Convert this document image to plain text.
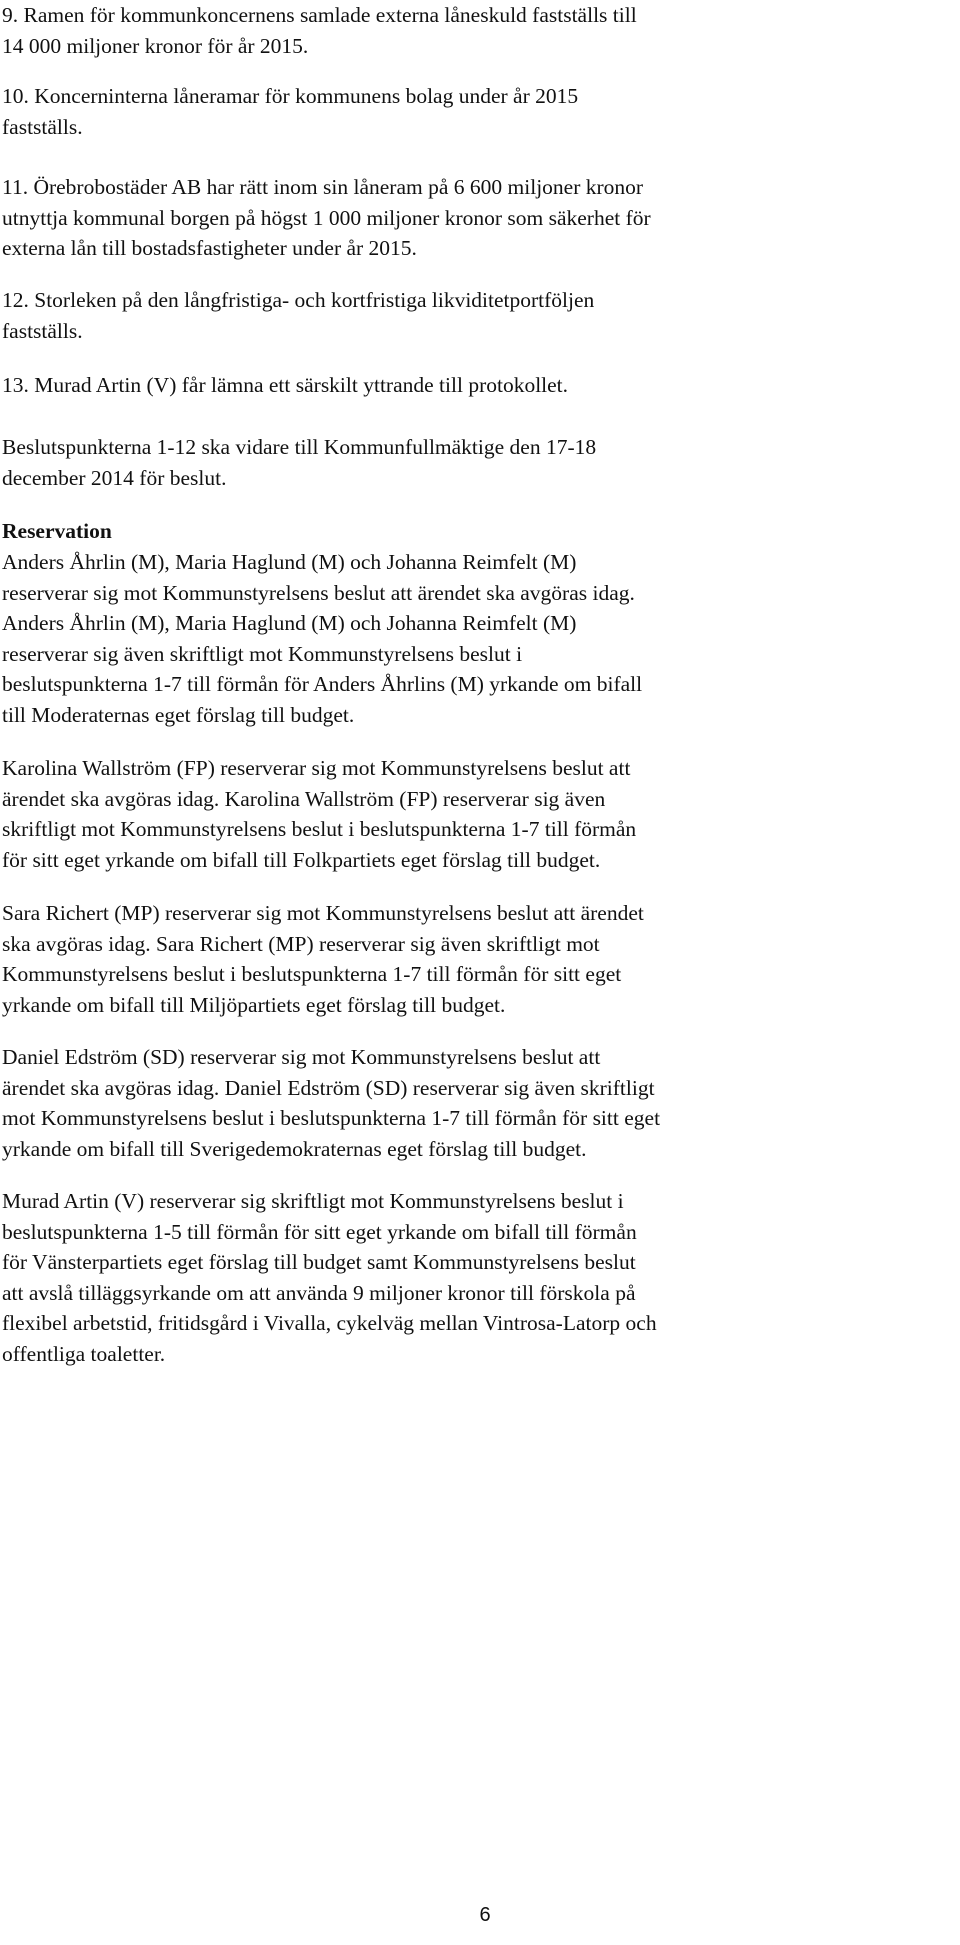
9. Ramen för kommunkoncernens samlade externa låneskuld fastställs till
14 000 miljoner kronor för år 2015.

10. Koncerninterna låneramar för kommunens bolag under år 2015
fastställs.

11. Örebrobostäder AB har rätt inom sin låneram på 6 600 miljoner kronor
utnyttja kommunal borgen på högst 1 000 miljoner kronor som säkerhet för
externa lån till bostadsfastigheter under år 2015.

12. Storleken på den långfristiga- och kortfristiga likviditetportföljen
fastställs.

13. Murad Artin (V) får lämna ett särskilt yttrande till protokollet.

Beslutspunkterna 1-12 ska vidare till Kommunfullmäktige den 17-18
december 2014 för beslut.

Reservation

Anders Åhrlin (M), Maria Haglund (M) och Johanna Reimfelt (M)
reserverar sig mot Kommunstyrelsens beslut att ärendet ska avgöras idag.
Anders Åhrlin (M), Maria Haglund (M) och Johanna Reimfelt (M)
reserverar sig även skriftligt mot Kommunstyrelsens beslut i
beslutspunkterna 1-7 till förmån för Anders Åhrlins (M) yrkande om bifall
till Moderaternas eget förslag till budget.

Karolina Wallström (FP) reserverar sig mot Kommunstyrelsens beslut att
ärendet ska avgöras idag. Karolina Wallström (FP) reserverar sig även
skriftligt mot Kommunstyrelsens beslut i beslutspunkterna 1-7 till förmån
för sitt eget yrkande om bifall till Folkpartiets eget förslag till budget.

Sara Richert (MP) reserverar sig mot Kommunstyrelsens beslut att ärendet
ska avgöras idag. Sara Richert (MP) reserverar sig även skriftligt mot
Kommunstyrelsens beslut i beslutspunkterna 1-7 till förmån för sitt eget
yrkande om bifall till Miljöpartiets eget förslag till budget.

Daniel Edström (SD) reserverar sig mot Kommunstyrelsens beslut att
ärendet ska avgöras idag. Daniel Edström (SD) reserverar sig även skriftligt
mot Kommunstyrelsens beslut i beslutspunkterna 1-7 till förmån för sitt eget
yrkande om bifall till Sverigedemokraternas eget förslag till budget.

Murad Artin (V) reserverar sig skriftligt mot Kommunstyrelsens beslut i
beslutspunkterna 1-5 till förmån för sitt eget yrkande om bifall till förmån
för Vänsterpartiets eget förslag till budget samt Kommunstyrelsens beslut
att avslå tilläggsyrkande om att använda 9 miljoner kronor till förskola på
flexibel arbetstid, fritidsgård i Vivalla, cykelväg mellan Vintrosa-Latorp och
offentliga toaletter.

6
